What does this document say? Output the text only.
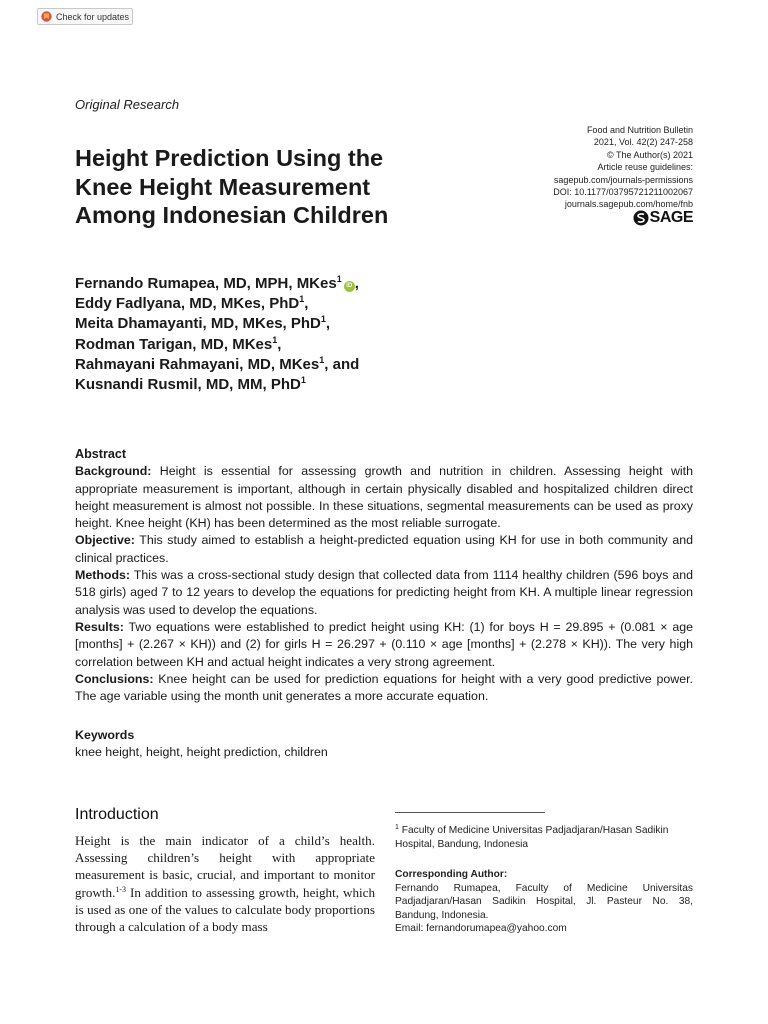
Check for updates
Original Research
Food and Nutrition Bulletin
2021, Vol. 42(2) 247-258
© The Author(s) 2021
Article reuse guidelines:
sagepub.com/journals-permissions
DOI: 10.1177/03795721211002067
journals.sagepub.com/home/fnb
SAGE
Height Prediction Using the
Knee Height Measurement
Among Indonesian Children
Fernando Rumapea, MD, MPH, MKes$^1$iD ,
Eddy Fadlyana, MD, MKes, PhD$^1$,
Meita Dhamayanti, MD, MKes, PhD$^1$,
Rodman Tarigan, MD, MKes$^1$,
Rahmayani Rahmayani, MD, MKes$^1$, and
Kusnandi Rusmil, MD, MM, PhD$^1$
Abstract

Background: Height is essential for assessing growth and nutrition in children. Assessing height with appropriate measurement is important, although in certain physically disabled and hospitalized children direct height measurement is almost not possible. In these situations, segmental measurements can be used as proxy height. Knee height (KH) has been determined as the most reliable surrogate.

Objective: This study aimed to establish a height-predicted equation using KH for use in both community and clinical practices.

Methods: This was a cross-sectional study design that collected data from 1114 healthy children (596 boys and 518 girls) aged 7 to 12 years to develop the equations for predicting height from KH. A multiple linear regression analysis was used to develop the equations.

Results: Two equations were established to predict height using KH: (1) for boys H = 29.895 + (0.081 × age [months] + (2.267 × KH)) and (2) for girls H = 26.297 + (0.110 × age [months] + (2.278 × KH)). The very high correlation between KH and actual height indicates a very strong agreement.

Conclusions: Knee height can be used for prediction equations for height with a very good predictive power. The age variable using the month unit generates a more accurate equation.

Keywords
knee height, height, height prediction, children
Introduction

Height is the main indicator of a child’s health. Assessing children’s height with appropriate measurement is basic, crucial, and important to monitor growth.$^{1-3}$ In addition to assessing growth, height, which is used as one of the values to calculate body proportions through a calculation of a body mass

$^1$ Faculty of Medicine Universitas Padjadjaran/Hasan Sadikin Hospital, Bandung, Indonesia
Corresponding Author:
Fernando Rumapea, Faculty of Medicine Universitas Padjadjaran/Hasan Sadikin Hospital, Jl. Pasteur No. 38, Bandung, Indonesia.
Email: fernandorumapea@yahoo.com
